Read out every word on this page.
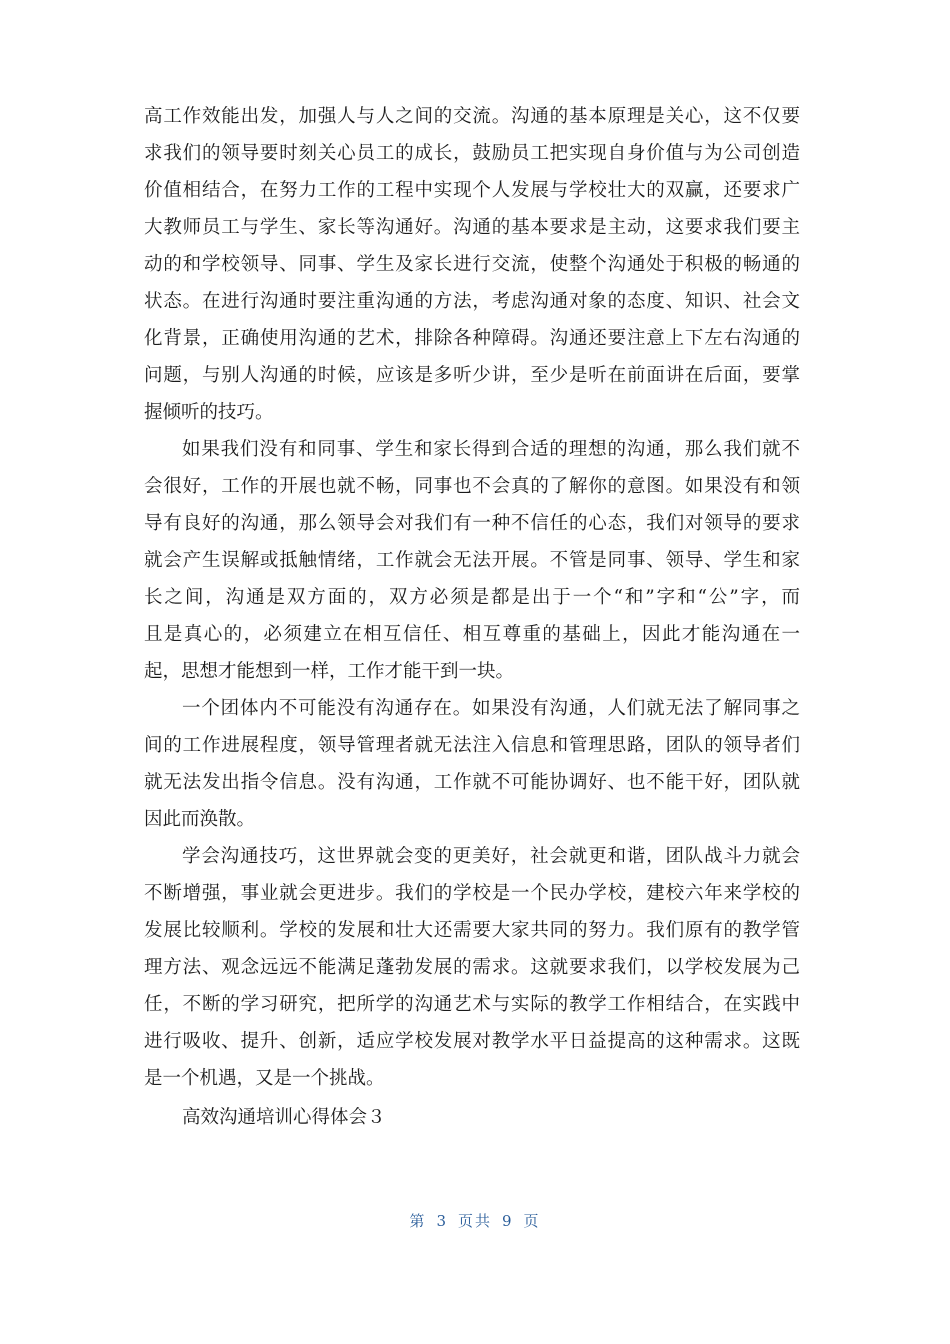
高工作效能出发，加强人与人之间的交流。沟通的基本原理是关心，这不仅要
求我们的领导要时刻关心员工的成长，鼓励员工把实现自身价值与为公司创造
价值相结合，在努力工作的工程中实现个人发展与学校壮大的双赢，还要求广
大教师员工与学生、家长等沟通好。沟通的基本要求是主动，这要求我们要主
动的和学校领导、同事、学生及家长进行交流，使整个沟通处于积极的畅通的
状态。在进行沟通时要注重沟通的方法，考虑沟通对象的态度、知识、社会文
化背景，正确使用沟通的艺术，排除各种障碍。沟通还要注意上下左右沟通的
问题，与别人沟通的时候，应该是多听少讲，至少是听在前面讲在后面，要掌
握倾听的技巧。
如果我们没有和同事、学生和家长得到合适的理想的沟通，那么我们就不
会很好，工作的开展也就不畅，同事也不会真的了解你的意图。如果没有和领
导有良好的沟通，那么领导会对我们有一种不信任的心态，我们对领导的要求
就会产生误解或抵触情绪，工作就会无法开展。不管是同事、领导、学生和家
长之间，沟通是双方面的，双方必须是都是出于一个“和”字和“公”字，而
且是真心的，必须建立在相互信任、相互尊重的基础上，因此才能沟通在一
起，思想才能想到一样，工作才能干到一块。
一个团体内不可能没有沟通存在。如果没有沟通，人们就无法了解同事之
间的工作进展程度，领导管理者就无法注入信息和管理思路，团队的领导者们
就无法发出指令信息。没有沟通，工作就不可能协调好、也不能干好，团队就
因此而涣散。
学会沟通技巧，这世界就会变的更美好，社会就更和谐，团队战斗力就会
不断增强，事业就会更进步。我们的学校是一个民办学校，建校六年来学校的
发展比较顺利。学校的发展和壮大还需要大家共同的努力。我们原有的教学管
理方法、观念远远不能满足蓬勃发展的需求。这就要求我们，以学校发展为己
任，不断的学习研究，把所学的沟通艺术与实际的教学工作相结合，在实践中
进行吸收、提升、创新，适应学校发展对教学水平日益提高的这种需求。这既
是一个机遇，又是一个挑战。
高效沟通培训心得体会３
第 3 页共 9 页
